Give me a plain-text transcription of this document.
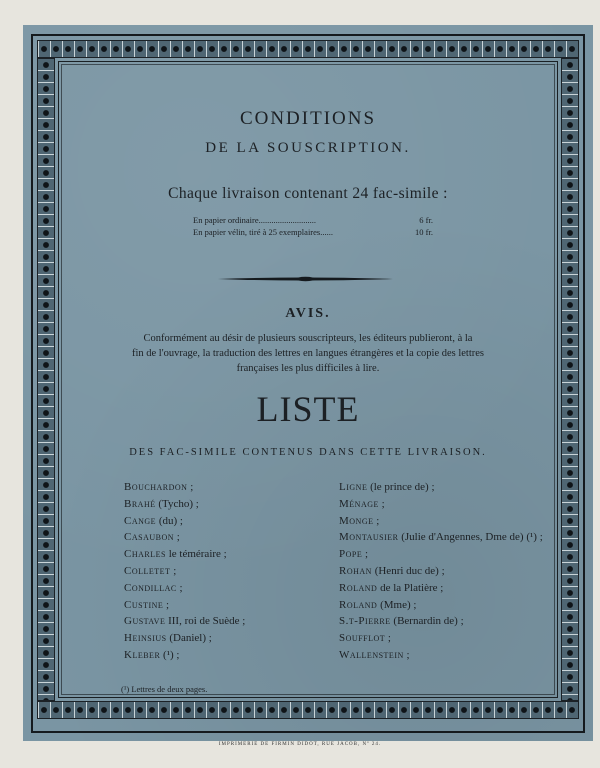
CONDITIONS
DE LA SOUSCRIPTION.
Chaque livraison contenant 24 fac-simile :
En papier ordinaire...........................	6 fr.
En papier vélin, tiré à 25 exemplaires......	10 fr.
AVIS.
Conformément au désir de plusieurs souscripteurs, les éditeurs publieront, à la
fin de l'ouvrage, la traduction des lettres en langues étrangères et la copie des lettres
françaises les plus difficiles à lire.
LISTE
DES FAC-SIMILE CONTENUS DANS CETTE LIVRAISON.
Bouchardon ;
Brahé (Tycho) ;
Cange (du) ;
Casaubon ;
Charles le téméraire ;
Colletet ;
Condillac ;
Custine ;
Gustave III, roi de Suède ;
Heinsius (Daniel) ;
Kleber (¹) ;
Ligne (le prince de) ;
Ménage ;
Monge ;
Montausier (Julie d'Angennes, Dme de) (¹) ;
Pope ;
Rohan (Henri duc de) ;
Roland de la Platière ;
Roland (Mme) ;
S.t-Pierre (Bernardin de) ;
Soufflot ;
Wallenstein ;
(¹) Lettres de deux pages.
IMPRIMERIE DE FIRMIN DIDOT, RUE JACOB, Nº 24.
